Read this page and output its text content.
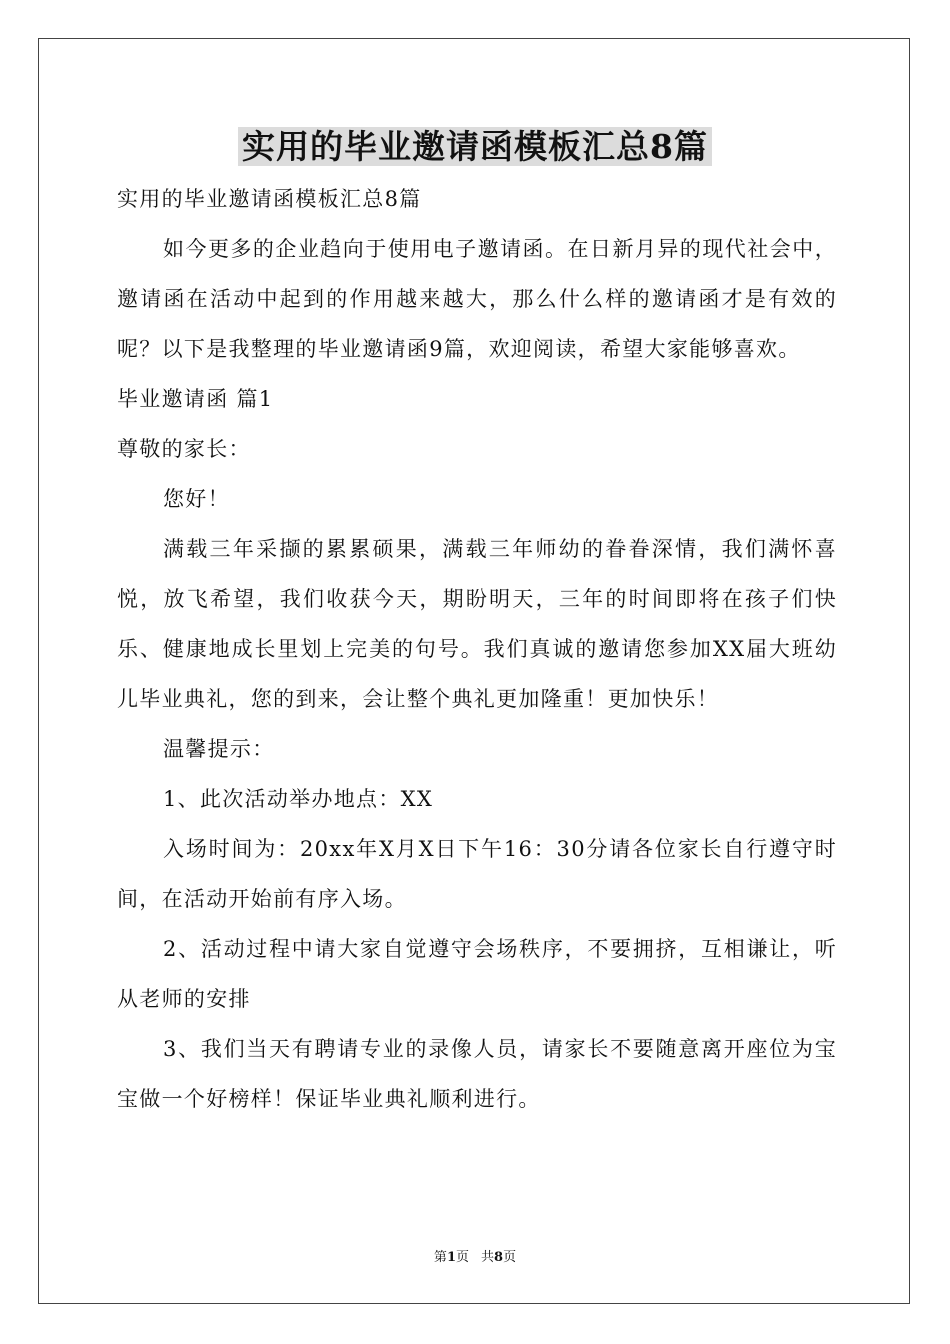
实用的毕业邀请函模板汇总8篇

实用的毕业邀请函模板汇总8篇

如今更多的企业趋向于使用电子邀请函。在日新月异的现代社会中，邀请函在活动中起到的作用越来越大，那么什么样的邀请函才是有效的呢？以下是我整理的毕业邀请函9篇，欢迎阅读，希望大家能够喜欢。

毕业邀请函 篇1

尊敬的家长：

您好！

满载三年采撷的累累硕果，满载三年师幼的眷眷深情，我们满怀喜悦，放飞希望，我们收获今天，期盼明天，三年的时间即将在孩子们快乐、健康地成长里划上完美的句号。我们真诚的邀请您参加XX届大班幼儿毕业典礼，您的到来，会让整个典礼更加隆重！更加快乐！

温馨提示：

1、此次活动举办地点：XX

入场时间为：20xx年X月X日下午16：30分请各位家长自行遵守时间，在活动开始前有序入场。

2、活动过程中请大家自觉遵守会场秩序，不要拥挤，互相谦让，听从老师的安排

3、我们当天有聘请专业的录像人员，请家长不要随意离开座位为宝宝做一个好榜样！保证毕业典礼顺利进行。

第1页 共8页
